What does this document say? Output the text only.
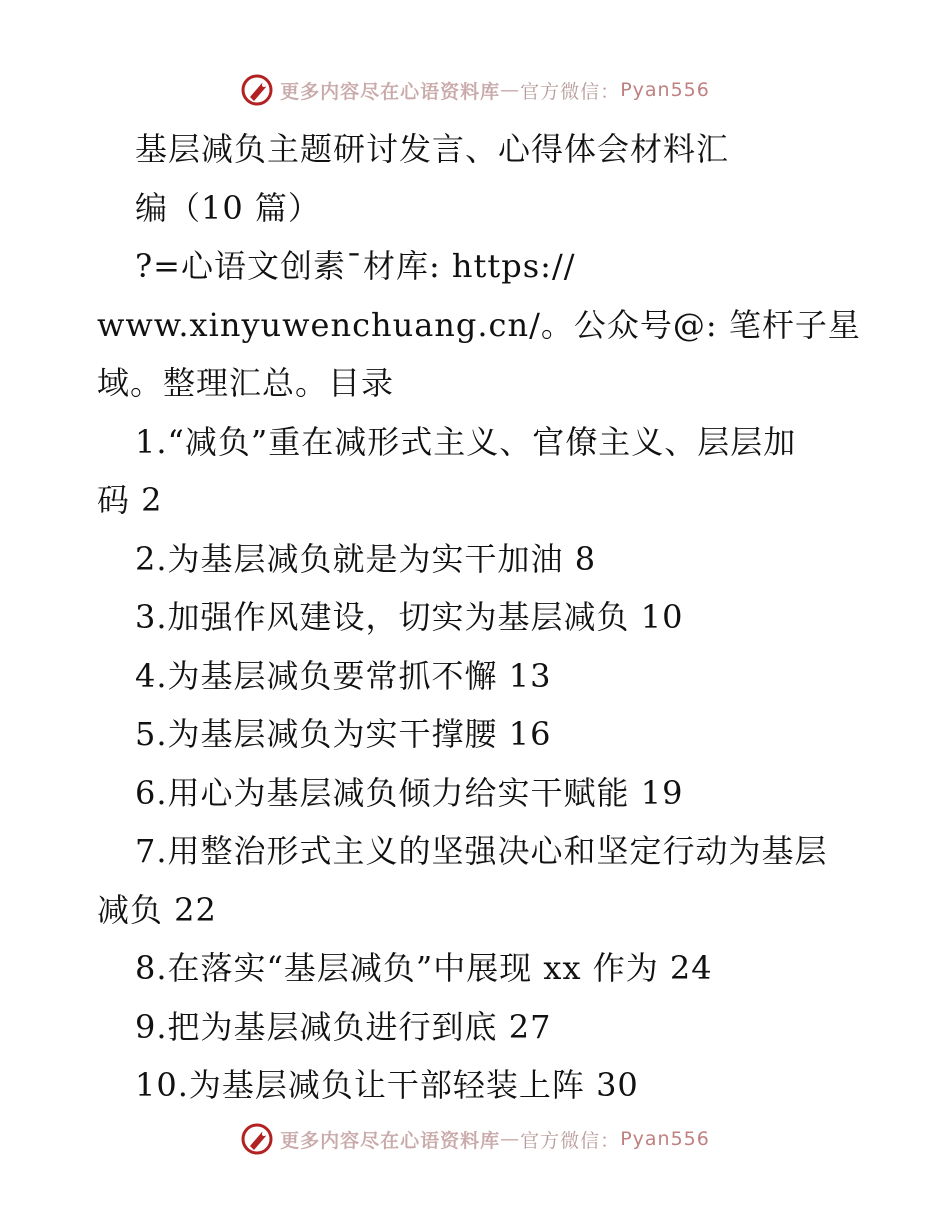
更多内容尽在心语资料库 — 官方微信： Pyan556
基层减负主题研讨发言、心得体会材料汇
编（10 篇）
?=心语文创素¯材库: https://
www.xinyuwenchuang.cn/。公众号@: 笔杆子星
域。整理汇总。目录
1.“减负”重在减形式主义、官僚主义、层层加
码 2
2.为基层减负就是为实干加油 8
3.加强作风建设，切实为基层减负 10
4.为基层减负要常抓不懈 13
5.为基层减负为实干撑腰 16
6.用心为基层减负倾力给实干赋能 19
7.用整治形式主义的坚强决心和坚定行动为基层
减负 22
8.在落实“基层减负”中展现 xx 作为 24
9.把为基层减负进行到底 27
10.为基层减负让干部轻装上阵 30
更多内容尽在心语资料库 — 官方微信： Pyan556
